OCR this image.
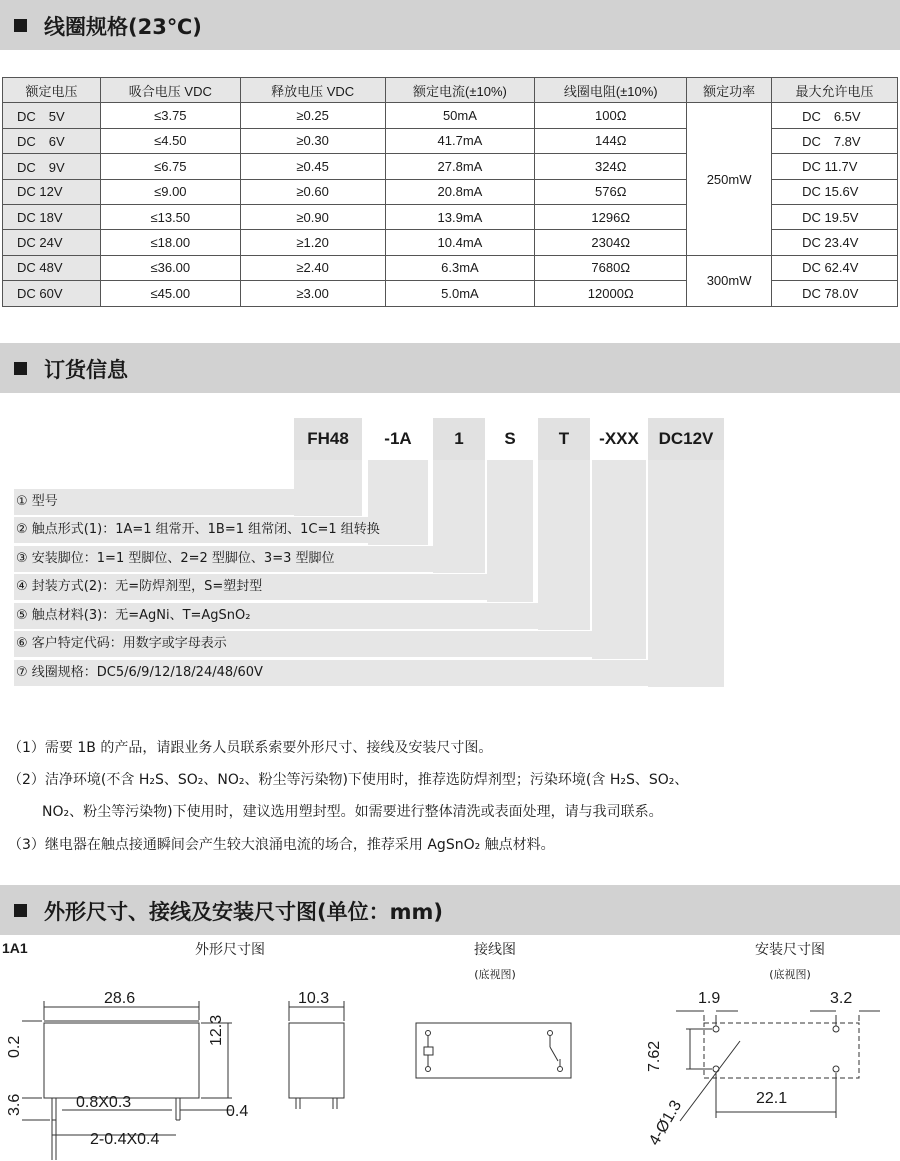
线圈规格(23℃)
额定电压	吸合电压 VDC	释放电压 VDC	额定电流(±10%)	线圈电阻(±10%)	额定功率	最大允许电压
DC　5V	≤3.75	≥0.25	50mA	100Ω	250mW	DC　6.5V
DC　6V	≤4.50	≥0.30	41.7mA	144Ω		DC　7.8V
DC　9V	≤6.75	≥0.45	27.8mA	324Ω		DC 11.7V
DC 12V	≤9.00	≥0.60	20.8mA	576Ω		DC 15.6V
DC 18V	≤13.50	≥0.90	13.9mA	1296Ω		DC 19.5V
DC 24V	≤18.00	≥1.20	10.4mA	2304Ω		DC 23.4V
DC 48V	≤36.00	≥2.40	6.3mA	7680Ω	300mW	DC 62.4V
DC 60V	≤45.00	≥3.00	5.0mA	12000Ω		DC 78.0V
订货信息
FH48	-1A	1	S	T	-XXX	DC12V
① 型号
② 触点形式(1)：1A=1 组常开、1B=1 组常闭、1C=1 组转换
③ 安装脚位：1=1 型脚位、2=2 型脚位、3=3 型脚位
④ 封装方式(2)：无=防焊剂型，S=塑封型
⑤ 触点材料(3)：无=AgNi、T=AgSnO₂
⑥ 客户特定代码：用数字或字母表示
⑦ 线圈规格：DC5/6/9/12/18/24/48/60V
（1）需要 1B 的产品，请跟业务人员联系索要外形尺寸、接线及安装尺寸图。
（2）洁净环境(不含 H₂S、SO₂、NO₂、粉尘等污染物)下使用时，推荐选防焊剂型；污染环境(含 H₂S、SO₂、
NO₂、粉尘等污染物)下使用时，建议选用塑封型。如需要进行整体清洗或表面处理，请与我司联系。
（3）继电器在触点接通瞬间会产生较大浪涌电流的场合，推荐采用 AgSnO₂ 触点材料。
外形尺寸、接线及安装尺寸图(单位：mm)
1A1	外形尺寸图	接线图
(底视图)
安装尺寸图
(底视图)
28.6	10.3
12.3
0.2
3.6	0.8X0.3
0.4
2-0.4X0.4
1.9	3.2
7.62
22.1
4-Ø1.3
